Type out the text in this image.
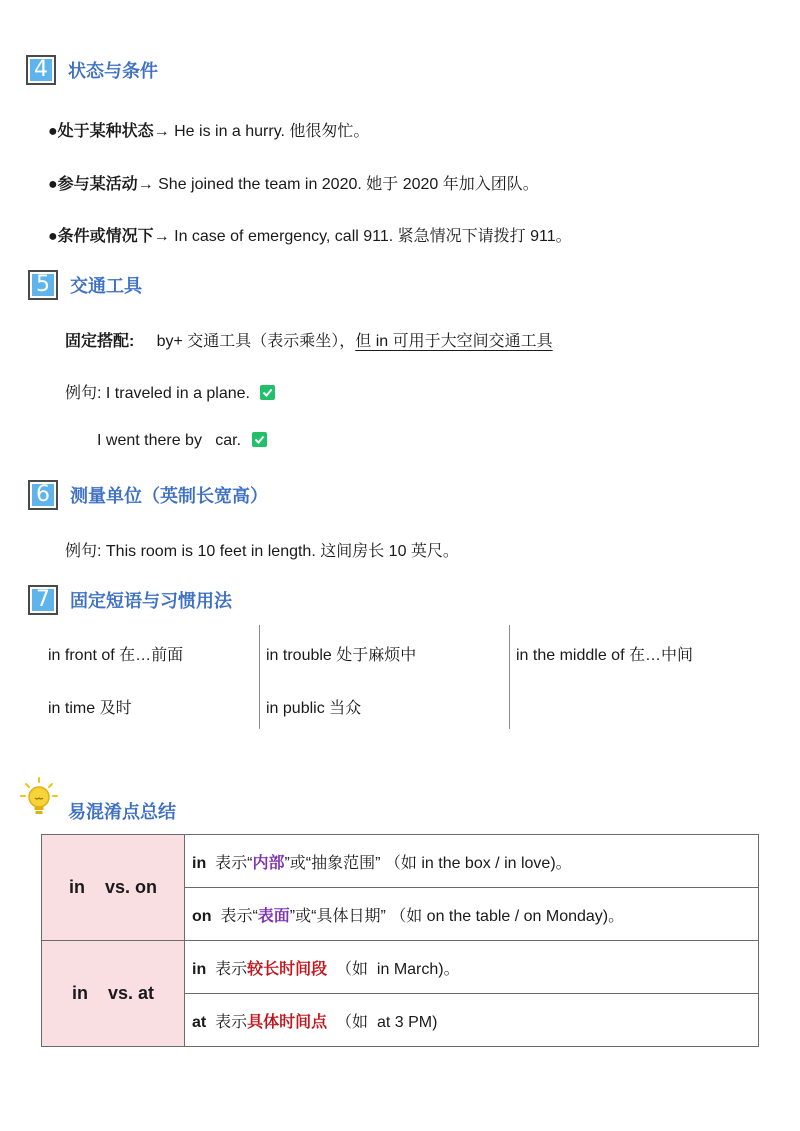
4	状态与条件
●处于某种状态→ He is in a hurry. 他很匆忙。
●参与某活动→ She joined the team in 2020. 她于 2020 年加入团队。
●条件或情况下→ In case of emergency, call 911. 紧急情况下请拨打 911。
5	交通工具
固定搭配: by+ 交通工具（表示乘坐），但 in 可用于大空间交通工具
例句: I traveled in a plane.
I went there by   car.
6	测量单位（英制长宽高）
例句: This room is 10 feet in length. 这间房长 10 英尺。
7	固定短语与习惯用法
in front of 在…前面	in trouble 处于麻烦中	in the middle of 在…中间
in time 及时	in public 当众
易混淆点总结
in    vs. on	in  表示“内部”或“抽象范围” （如 in the box / in love)。
	on  表示“表面”或“具体日期” （如 on the table / on Monday)。
in    vs. at	in  表示较长时间段  （如  in March)。
	at  表示具体时间点  （如  at 3 PM)
